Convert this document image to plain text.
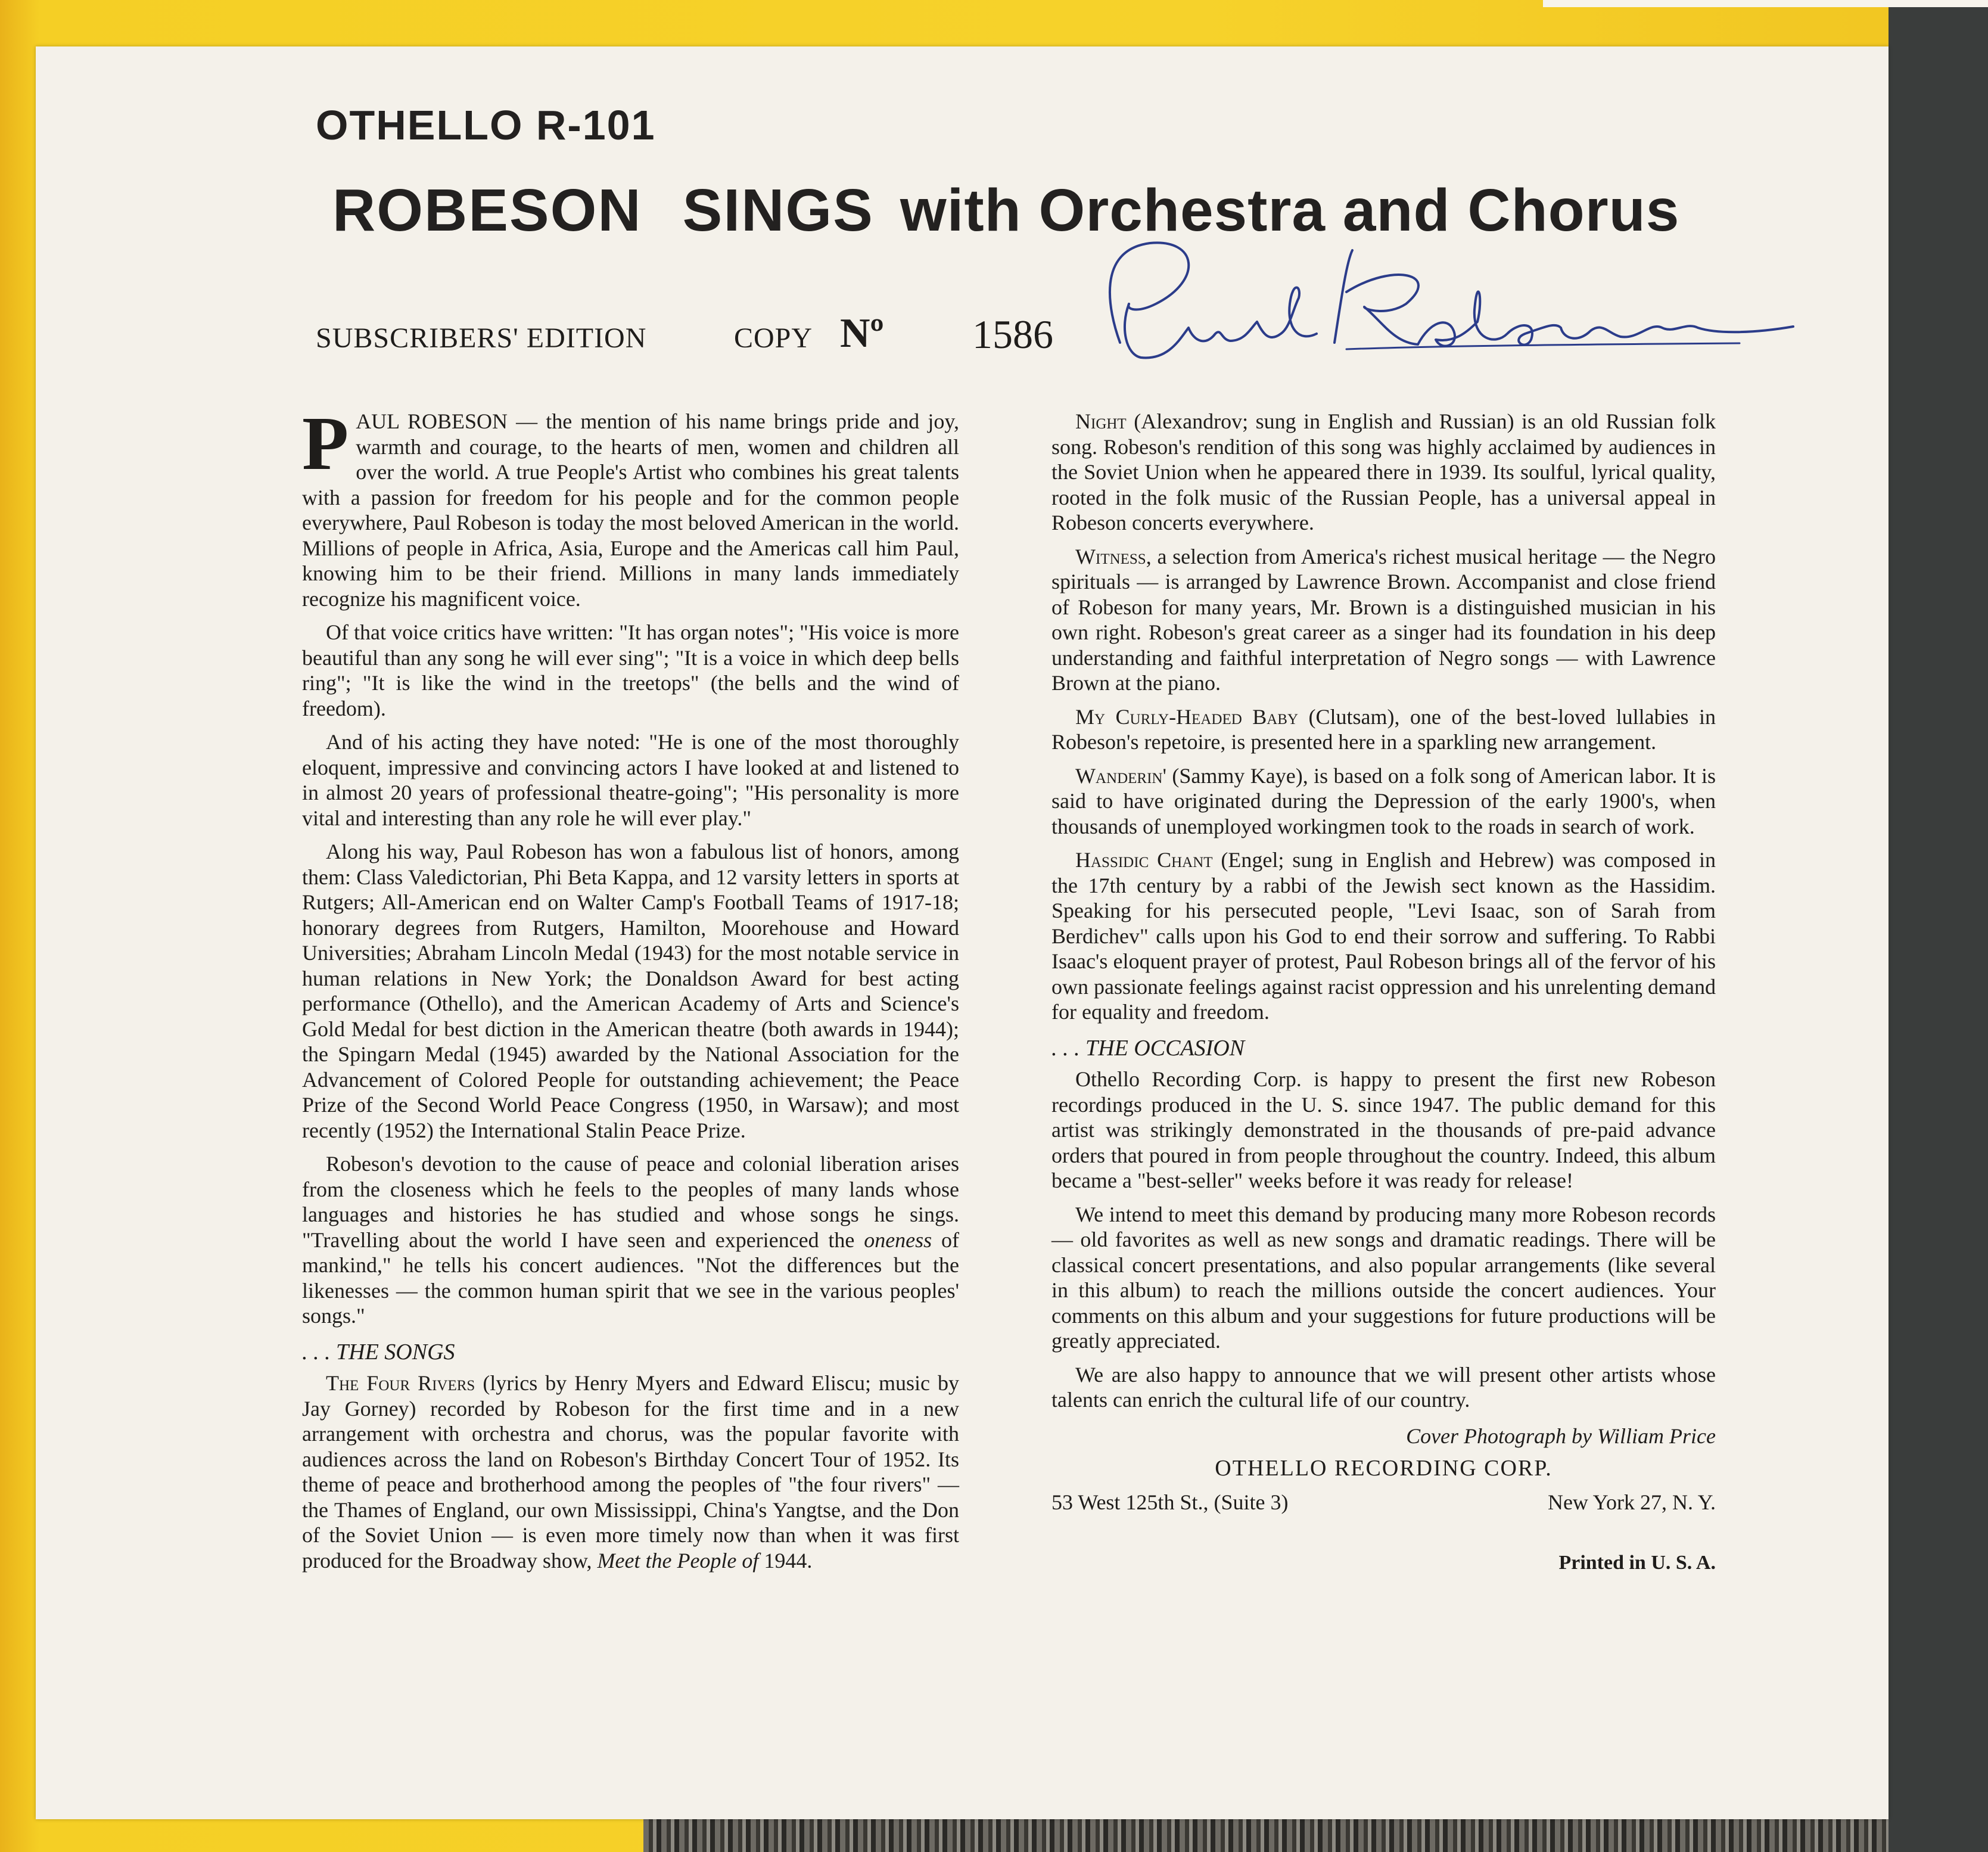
OTHELLO R-101
ROBESON SINGS with Orchestra and Chorus
SUBSCRIBERS' EDITION	COPY Nº 1586

PAUL ROBESON — the mention of his name brings pride and joy, warmth and courage, to the hearts of men, women and children all over the world. A true People's Artist who combines his great talents with a passion for freedom for his people and for the common people everywhere, Paul Robeson is today the most beloved American in the world. Millions of people in Africa, Asia, Europe and the Americas call him Paul, knowing him to be their friend. Millions in many lands immediately recognize his magnificent voice.

Of that voice critics have written: "It has organ notes"; "His voice is more beautiful than any song he will ever sing"; "It is a voice in which deep bells ring"; "It is like the wind in the treetops" (the bells and the wind of freedom).

And of his acting they have noted: "He is one of the most thoroughly eloquent, impressive and convincing actors I have looked at and listened to in almost 20 years of professional theatre-going"; "His personality is more vital and interesting than any role he will ever play."

Along his way, Paul Robeson has won a fabulous list of honors, among them: Class Valedictorian, Phi Beta Kappa, and 12 varsity letters in sports at Rutgers; All-American end on Walter Camp's Football Teams of 1917-18; honorary degrees from Rutgers, Hamilton, Moorehouse and Howard Universities; Abraham Lincoln Medal (1943) for the most notable service in human relations in New York; the Donaldson Award for best acting performance (Othello), and the American Academy of Arts and Science's Gold Medal for best diction in the American theatre (both awards in 1944); the Spingarn Medal (1945) awarded by the National Association for the Advancement of Colored People for outstanding achievement; the Peace Prize of the Second World Peace Congress (1950, in Warsaw); and most recently (1952) the International Stalin Peace Prize.

Robeson's devotion to the cause of peace and colonial liberation arises from the closeness which he feels to the peoples of many lands whose languages and histories he has studied and whose songs he sings. "Travelling about the world I have seen and experienced the oneness of mankind," he tells his concert audiences. "Not the differences but the likenesses — the common human spirit that we see in the various peoples' songs."

. . . THE SONGS

The Four Rivers (lyrics by Henry Myers and Edward Eliscu; music by Jay Gorney) recorded by Robeson for the first time and in a new arrangement with orchestra and chorus, was the popular favorite with audiences across the land on Robeson's Birthday Concert Tour of 1952. Its theme of peace and brotherhood among the peoples of "the four rivers" — the Thames of England, our own Mississippi, China's Yangtse, and the Don of the Soviet Union — is even more timely now than when it was first produced for the Broadway show, Meet the People of 1944.

Night (Alexandrov; sung in English and Russian) is an old Russian folk song. Robeson's rendition of this song was highly acclaimed by audiences in the Soviet Union when he appeared there in 1939. Its soulful, lyrical quality, rooted in the folk music of the Russian People, has a universal appeal in Robeson concerts everywhere.

Witness, a selection from America's richest musical heritage — the Negro spirituals — is arranged by Lawrence Brown. Accompanist and close friend of Robeson for many years, Mr. Brown is a distinguished musician in his own right. Robeson's great career as a singer had its foundation in his deep understanding and faithful interpretation of Negro songs — with Lawrence Brown at the piano.

My Curly-Headed Baby (Clutsam), one of the best-loved lullabies in Robeson's repetoire, is presented here in a sparkling new arrangement.

Wanderin' (Sammy Kaye), is based on a folk song of American labor. It is said to have originated during the Depression of the early 1900's, when thousands of unemployed workingmen took to the roads in search of work.

Hassidic Chant (Engel; sung in English and Hebrew) was composed in the 17th century by a rabbi of the Jewish sect known as the Hassidim. Speaking for his persecuted people, "Levi Isaac, son of Sarah from Berdichev" calls upon his God to end their sorrow and suffering. To Rabbi Isaac's eloquent prayer of protest, Paul Robeson brings all of the fervor of his own passionate feelings against racist oppression and his unrelenting demand for equality and freedom.

. . . THE OCCASION

Othello Recording Corp. is happy to present the first new Robeson recordings produced in the U. S. since 1947. The public demand for this artist was strikingly demonstrated in the thousands of pre-paid advance orders that poured in from people throughout the country. Indeed, this album became a "best-seller" weeks before it was ready for release!

We intend to meet this demand by producing many more Robeson records — old favorites as well as new songs and dramatic readings. There will be classical concert presentations, and also popular arrangements (like several in this album) to reach the millions outside the concert audiences. Your comments on this album and your suggestions for future productions will be greatly appreciated.

We are also happy to announce that we will present other artists whose talents can enrich the cultural life of our country.

Cover Photograph by William Price
OTHELLO RECORDING CORP.
53 West 125th St., (Suite 3)	New York 27, N. Y.
Printed in U. S. A.
